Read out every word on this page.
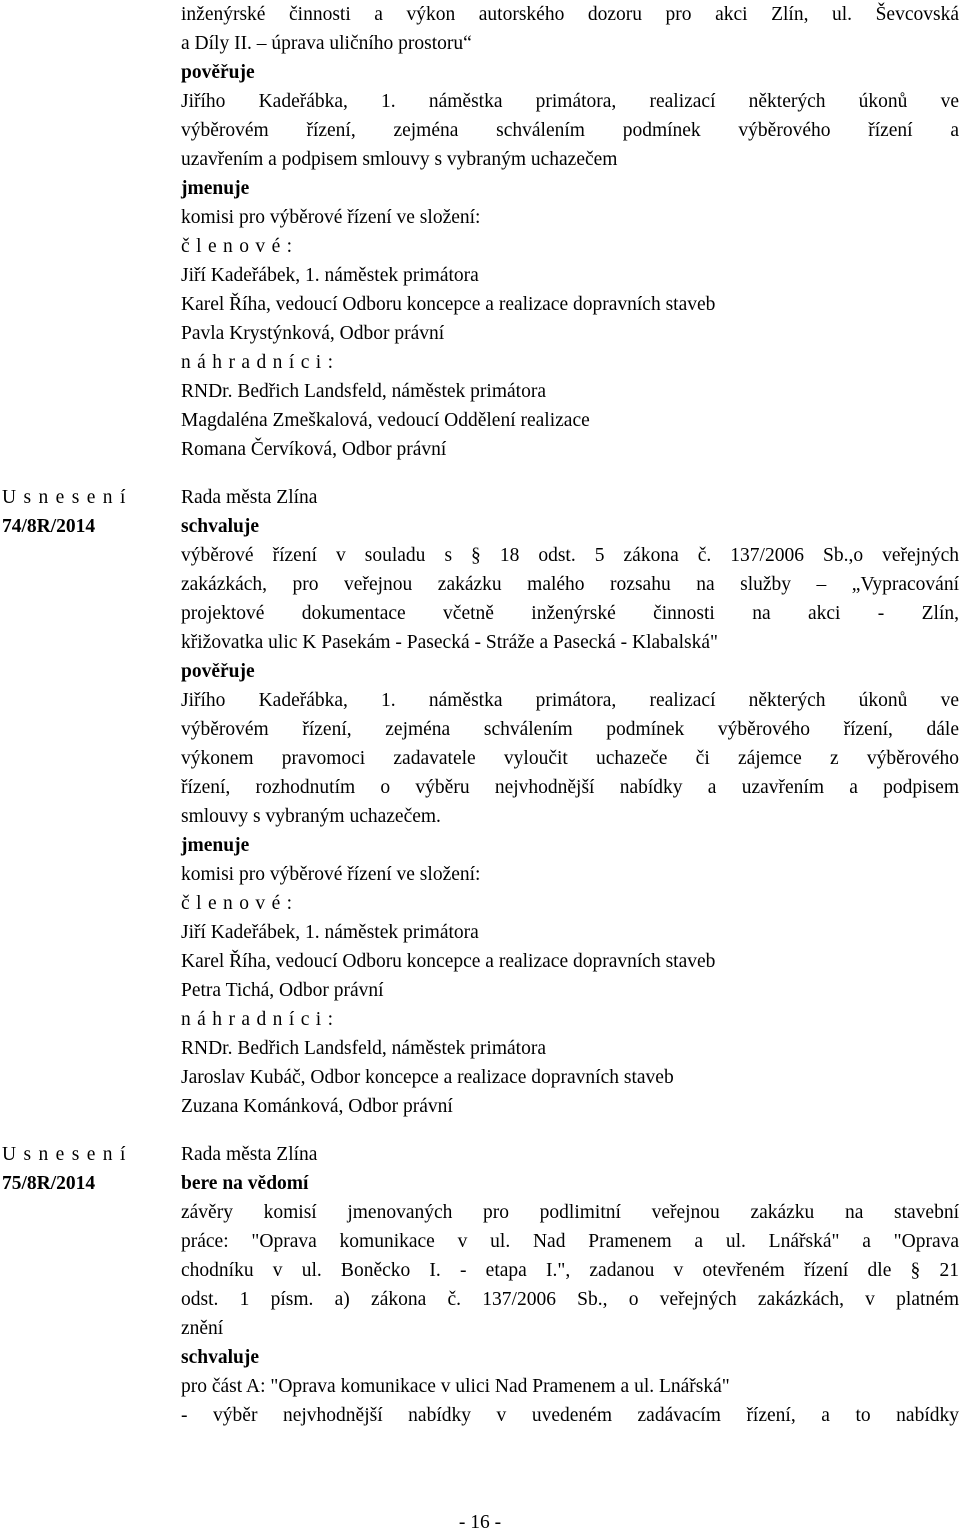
inženýrské činnosti a výkon autorského dozoru pro akci Zlín, ul. Ševcovská
a Díly II. – úprava uličního prostoru“
pověřuje
Jiřího Kadeřábka, 1. náměstka primátora, realizací některých úkonů ve
výběrovém řízení, zejména schválením podmínek výběrového řízení a
uzavřením a podpisem smlouvy s vybraným uchazečem
jmenuje
komisi pro výběrové řízení ve složení:
členové:
Jiří Kadeřábek, 1. náměstek primátora
Karel Říha, vedoucí Odboru koncepce a realizace dopravních staveb
Pavla Krystýnková, Odbor právní
náhradníci:
RNDr. Bedřich Landsfeld, náměstek primátora
Magdaléna Zmeškalová, vedoucí Oddělení realizace
Romana Červíková, Odbor právní
Usnesení
74/8R/2014
Rada města Zlína
schvaluje
výběrové řízení v souladu s § 18 odst. 5 zákona č. 137/2006 Sb.,o veřejných
zakázkách, pro veřejnou zakázku malého rozsahu na služby – „Vypracování
projektové dokumentace včetně inženýrské činnosti na akci - Zlín,
křižovatka ulic K Pasekám - Pasecká - Stráže a Pasecká - Klabalská"
pověřuje
Jiřího Kadeřábka, 1. náměstka primátora, realizací některých úkonů ve
výběrovém řízení, zejména schválením podmínek výběrového řízení, dále
výkonem pravomoci zadavatele vyloučit uchazeče či zájemce z výběrového
řízení, rozhodnutím o výběru nejvhodnější nabídky a uzavřením a podpisem
smlouvy s vybraným uchazečem.
jmenuje
komisi pro výběrové řízení ve složení:
členové:
Jiří Kadeřábek, 1. náměstek primátora
Karel Říha, vedoucí Odboru koncepce a realizace dopravních staveb
Petra Tichá, Odbor právní
náhradníci:
RNDr. Bedřich Landsfeld, náměstek primátora
Jaroslav Kubáč, Odbor koncepce a realizace dopravních staveb
Zuzana Kománková, Odbor právní
Usnesení
75/8R/2014
Rada města Zlína
bere na vědomí
závěry komisí jmenovaných pro podlimitní veřejnou zakázku na stavební
práce: "Oprava komunikace v ul. Nad Pramenem a ul. Lnářská" a "Oprava
chodníku v ul. Boněcko I. - etapa I.", zadanou v otevřeném řízení dle § 21
odst. 1 písm. a) zákona č. 137/2006 Sb., o veřejných zakázkách, v platném
znění
schvaluje
pro část A: "Oprava komunikace v ulici Nad Pramenem a ul. Lnářská"
- výběr nejvhodnější nabídky v uvedeném zadávacím řízení, a to nabídky
- 16 -
